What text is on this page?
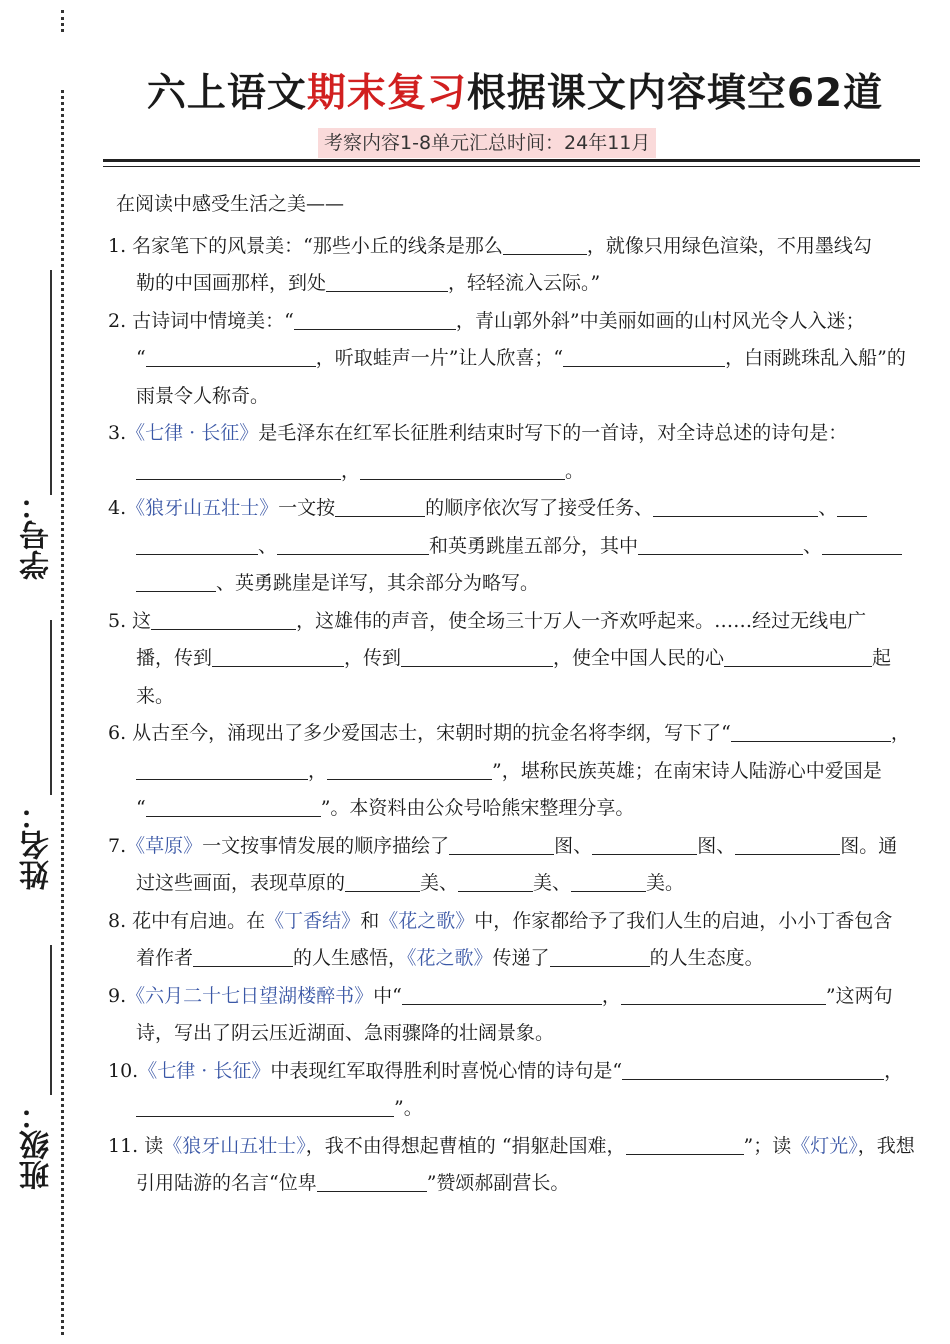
学号：
姓名：
班级：
六上语文期末复习根据课文内容填空62道
考察内容1-8单元汇总时间：24年11月
在阅读中感受生活之美——
1. 名家笔下的风景美：“那些小丘的线条是那么	，就像只用绿色渲染，不用墨线勾
勒的中国画那样，到处	，轻轻流入云际。”
2. 古诗词中情境美：“	，青山郭外斜”中美丽如画的山村风光令人入迷；
“	，听取蛙声一片”让人欣喜；“	，白雨跳珠乱入船”的
雨景令人称奇。
3.《七律 · 长征》是毛泽东在红军长征胜利结束时写下的一首诗，对全诗总述的诗句是：
，	。
4.《狼牙山五壮士》一文按	的顺序依次写了接受任务、	、
、	和英勇跳崖五部分，其中	、
、英勇跳崖是详写，其余部分为略写。
5. 这	，这雄伟的声音，使全场三十万人一齐欢呼起来。……经过无线电广
播，传到	，传到	，使全中国人民的心	起
来。
6. 从古至今，涌现出了多少爱国志士，宋朝时期的抗金名将李纲，写下了“	，
，	”，堪称民族英雄；在南宋诗人陆游心中爱国是
“	”。本资料由公众号哈熊宋整理分享。
7.《草原》一文按事情发展的顺序描绘了	图、	图、	图。通
过这些画面，表现草原的	美、	美、	美。
8. 花中有启迪。在《丁香结》和《花之歌》中，作家都给予了我们人生的启迪，小小丁香包含
着作者	的人生感悟，《花之歌》传递了	的人生态度。
9.《六月二十七日望湖楼醉书》中“	，	”这两句
诗，写出了阴云压近湖面、急雨骤降的壮阔景象。
10.《七律 · 长征》中表现红军取得胜利时喜悦心情的诗句是“	，
”。
11. 读《狼牙山五壮士》，我不由得想起曹植的 “捐躯赴国难，	”；读《灯光》，我想
引用陆游的名言“位卑	”赞颂郝副营长。
